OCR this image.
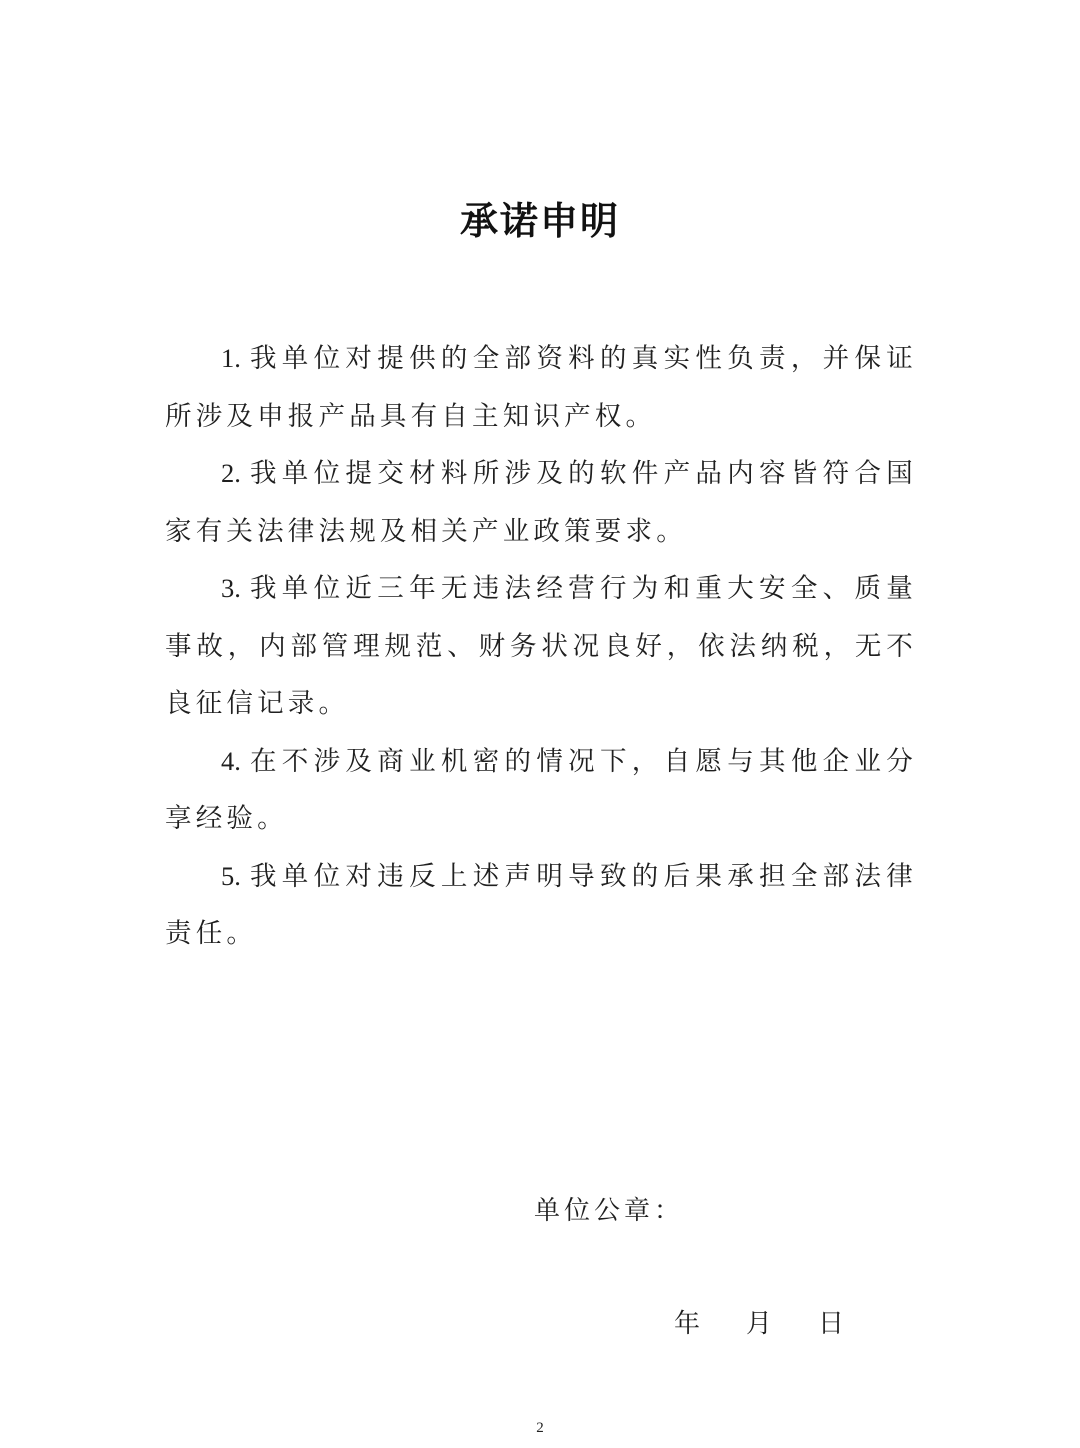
承诺申明

1. 我单位对提供的全部资料的真实性负责，并保证所涉及申报产品具有自主知识产权。

2. 我单位提交材料所涉及的软件产品内容皆符合国家有关法律法规及相关产业政策要求。

3. 我单位近三年无违法经营行为和重大安全、质量事故，内部管理规范、财务状况良好，依法纳税，无不良征信记录。

4. 在不涉及商业机密的情况下，自愿与其他企业分享经验。

5. 我单位对违反上述声明导致的后果承担全部法律责任。

单位公章：
年 月 日
2
